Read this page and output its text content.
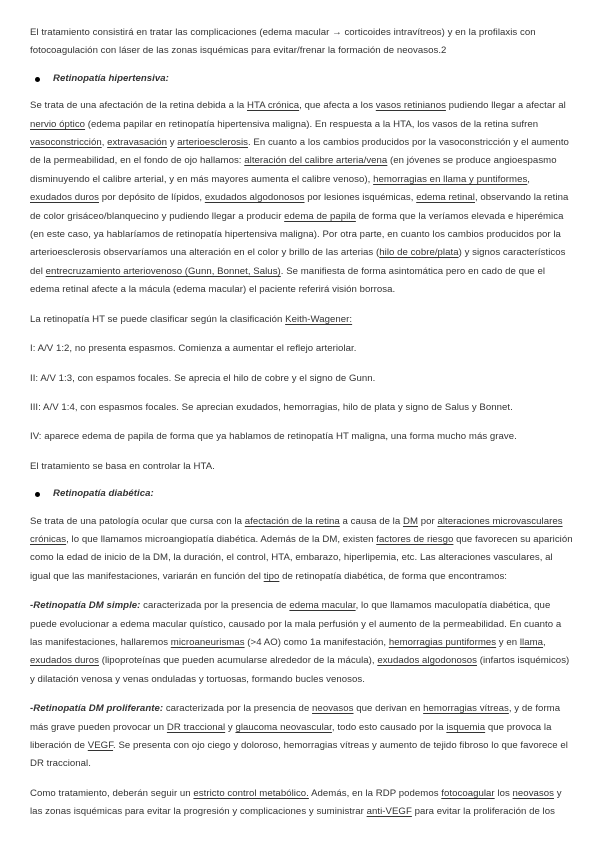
El tratamiento consistirá en tratar las complicaciones (edema macular → corticoides intravítreos) y en la profilaxis con fotocoagulación con láser de las zonas isquémicas para evitar/frenar la formación de neovasos.2

Retinopatía hipertensiva:

Se trata de una afectación de la retina debida a la HTA crónica, que afecta a los vasos retinianos pudiendo llegar a afectar al nervio óptico (edema papilar en retinopatía hipertensiva maligna). En respuesta a la HTA, los vasos de la retina sufren vasoconstricción, extravasación y arterioesclerosis. En cuanto a los cambios producidos por la vasoconstricción y el aumento de la permeabilidad, en el fondo de ojo hallamos: alteración del calibre arteria/vena (en jóvenes se produce angioespasmo disminuyendo el calibre arterial, y en más mayores aumenta el calibre venoso), hemorragias en llama y puntiformes, exudados duros por depósito de lípidos, exudados algodonosos por lesiones isquémicas, edema retinal, observando la retina de color grisáceo/blanquecino y pudiendo llegar a producir edema de papila de forma que la veríamos elevada e hiperémica (en este caso, ya hablaríamos de retinopatía hipertensiva maligna). Por otra parte, en cuanto los cambios producidos por la arterioesclerosis observaríamos una alteración en el color y brillo de las arterias (hilo de cobre/plata) y signos característicos del entrecruzamiento arteriovenoso (Gunn, Bonnet, Salus). Se manifiesta de forma asintomática pero en cado de que el edema retinal afecte a la mácula (edema macular) el paciente referirá visión borrosa.

La retinopatía HT se puede clasificar según la clasificación Keith-Wagener:

I: A/V 1:2, no presenta espasmos. Comienza a aumentar el reflejo arteriolar.

II: A/V 1:3, con espamos focales. Se aprecia el hilo de cobre y el signo de Gunn.

III: A/V 1:4, con espasmos focales. Se aprecian exudados, hemorragias, hilo de plata y signo de Salus y Bonnet.

IV: aparece edema de papila de forma que ya hablamos de retinopatía HT maligna, una forma mucho más grave.

El tratamiento se basa en controlar la HTA.

Retinopatía diabética:

Se trata de una patología ocular que cursa con la afectación de la retina a causa de la DM por alteraciones microvasculares crónicas, lo que llamamos microangiopatía diabética. Además de la DM, existen factores de riesgo que favorecen su aparición como la edad de inicio de la DM, la duración, el control, HTA, embarazo, hiperlipemia, etc. Las alteraciones vasculares, al igual que las manifestaciones, variarán en función del tipo de retinopatía diabética, de forma que encontramos:

-Retinopatía DM simple: caracterizada por la presencia de edema macular, lo que llamamos maculopatía diabética, que puede evolucionar a edema macular quístico, causado por la mala perfusión y el aumento de la permeabilidad. En cuanto a las manifestaciones, hallaremos microaneurismas (>4 AO) como 1a manifestación, hemorragias puntiformes y en llama, exudados duros (lipoproteínas que pueden acumularse alrededor de la mácula), exudados algodonosos (infartos isquémicos) y dilatación venosa y venas onduladas y tortuosas, formando bucles venosos.

-Retinopatía DM proliferante: caracterizada por la presencia de neovasos que derivan en hemorragias vítreas, y de forma más grave pueden provocar un DR traccional y glaucoma neovascular, todo esto causado por la isquemia que provoca la liberación de VEGF. Se presenta con ojo ciego y doloroso, hemorragias vítreas y aumento de tejido fibroso lo que favorece el DR traccional.

Como tratamiento, deberán seguir un estricto control metabólico. Además, en la RDP podemos fotocoagular los neovasos y las zonas isquémicas para evitar la progresión y complicaciones y suministrar anti-VEGF para evitar la proliferación de los
